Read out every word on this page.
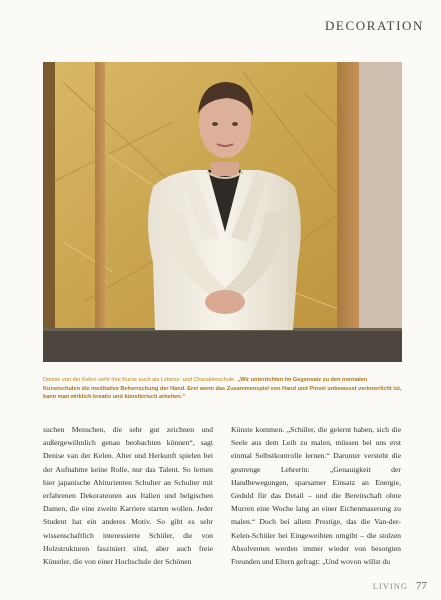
DECORATION
Denise van der Kelen sieht ihre Kurse auch als Lebens- und Charakterschule. „Wir unterrichten im Gegensatz zu den normalen Kunstschulen die meditative Beherrschung der Hand. Erst wenn das Zusammenspiel von Hand und Pinsel unbewusst verinnerlicht ist, kann man wirklich kreativ und künstlerisch arbeiten.“

suchen Menschen, die sehr gut zeichnen und außergewöhnlich genau beobachten können“, sagt Denise van der Kelen. Alter und Herkunft spielen bei der Aufnahme keine Rolle, nur das Talent. So lernen hier japanische Abiturienten Schulter an Schulter mit erfahrenen Dekorateuren aus Italien und belgischen Damen, die eine zweite Karriere starten wollen. Jeder Student hat ein anderes Motiv. So gibt es sehr wissenschaftlich interessierte Schüler, die von Holzstrukturen fasziniert sind, aber auch freie Künstler, die von einer Hochschule der Schönen

Künste kommen. „Schüler, die gelernt haben, sich die Seele aus dem Leib zu malen, müssen bei uns erst einmal Selbstkontrolle lernen.“ Darunter versteht die gestrenge Lehrerin: „Genauigkeit der Handbewegungen, sparsamer Einsatz an Energie, Geduld für das Detail – und die Bereitschaft ohne Murren eine Woche lang an einer Eichenmaserung zu malen.“ Doch bei allem Prestige, das die Van-der-Kelen-Schüler bei Eingeweihten umgibt – die stolzen Absolventen werden immer wieder von besorgten Freunden und Eltern gefragt: „Und wovon willst du

LIVING 77
